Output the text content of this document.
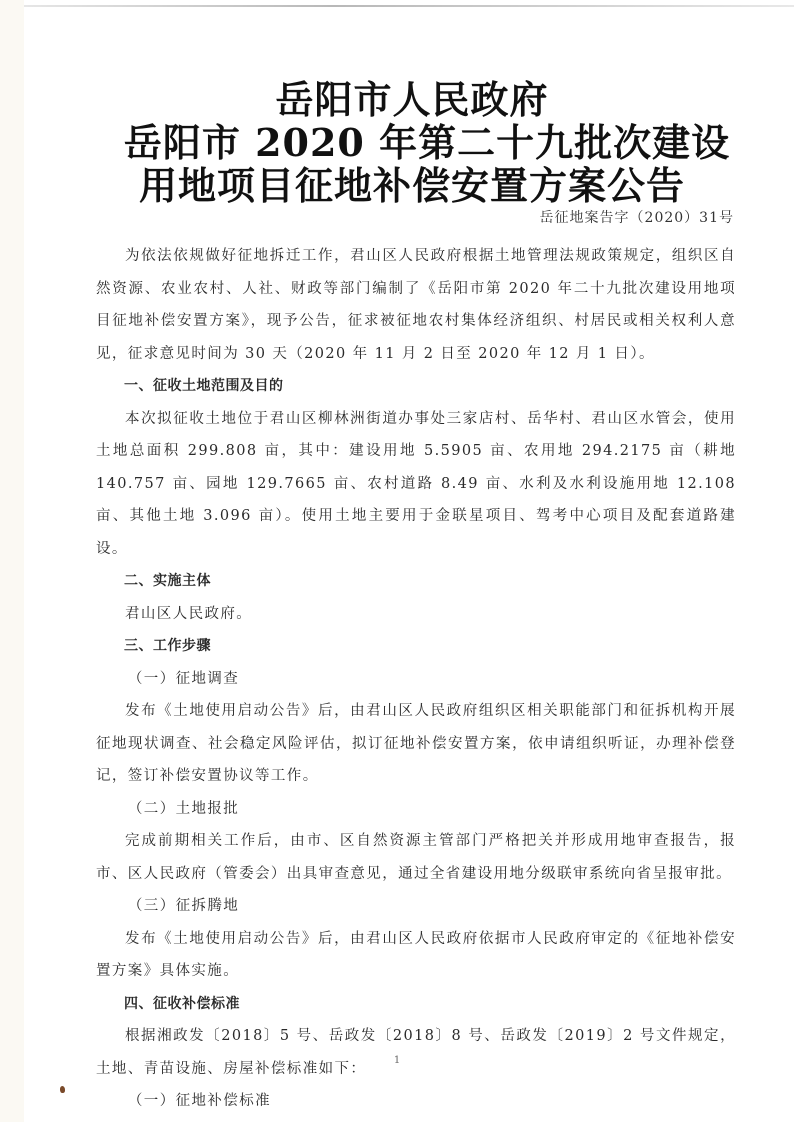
岳阳市人民政府
岳阳市 2020 年第二十九批次建设
用地项目征地补偿安置方案公告
岳征地案告字（2020）31号

为依法依规做好征地拆迁工作，君山区人民政府根据土地管理法规政策规定，组织区自然资源、农业农村、人社、财政等部门编制了《岳阳市第 2020 年二十九批次建设用地项目征地补偿安置方案》，现予公告，征求被征地农村集体经济组织、村居民或相关权利人意见，征求意见时间为 30 天（2020 年 11 月 2 日至 2020 年 12 月 1 日）。

一、征收土地范围及目的

本次拟征收土地位于君山区柳林洲街道办事处三家店村、岳华村、君山区水管会，使用土地总面积 299.808 亩，其中：建设用地 5.5905 亩、农用地 294.2175 亩（耕地 140.757 亩、园地 129.7665 亩、农村道路 8.49 亩、水利及水利设施用地 12.108 亩、其他土地 3.096 亩）。使用土地主要用于金联星项目、驾考中心项目及配套道路建设。

二、实施主体

君山区人民政府。

三、工作步骤

（一）征地调查

发布《土地使用启动公告》后，由君山区人民政府组织区相关职能部门和征拆机构开展征地现状调查、社会稳定风险评估，拟订征地补偿安置方案，依申请组织听证，办理补偿登记，签订补偿安置协议等工作。

（二）土地报批

完成前期相关工作后，由市、区自然资源主管部门严格把关并形成用地审查报告，报市、区人民政府（管委会）出具审查意见，通过全省建设用地分级联审系统向省呈报审批。

（三）征拆腾地

发布《土地使用启动公告》后，由君山区人民政府依据市人民政府审定的《征地补偿安置方案》具体实施。

四、征收补偿标准

根据湘政发〔2018〕5 号、岳政发〔2018〕8 号、岳政发〔2019〕2 号文件规定，土地、青苗设施、房屋补偿标准如下：

（一）征地补偿标准

1
